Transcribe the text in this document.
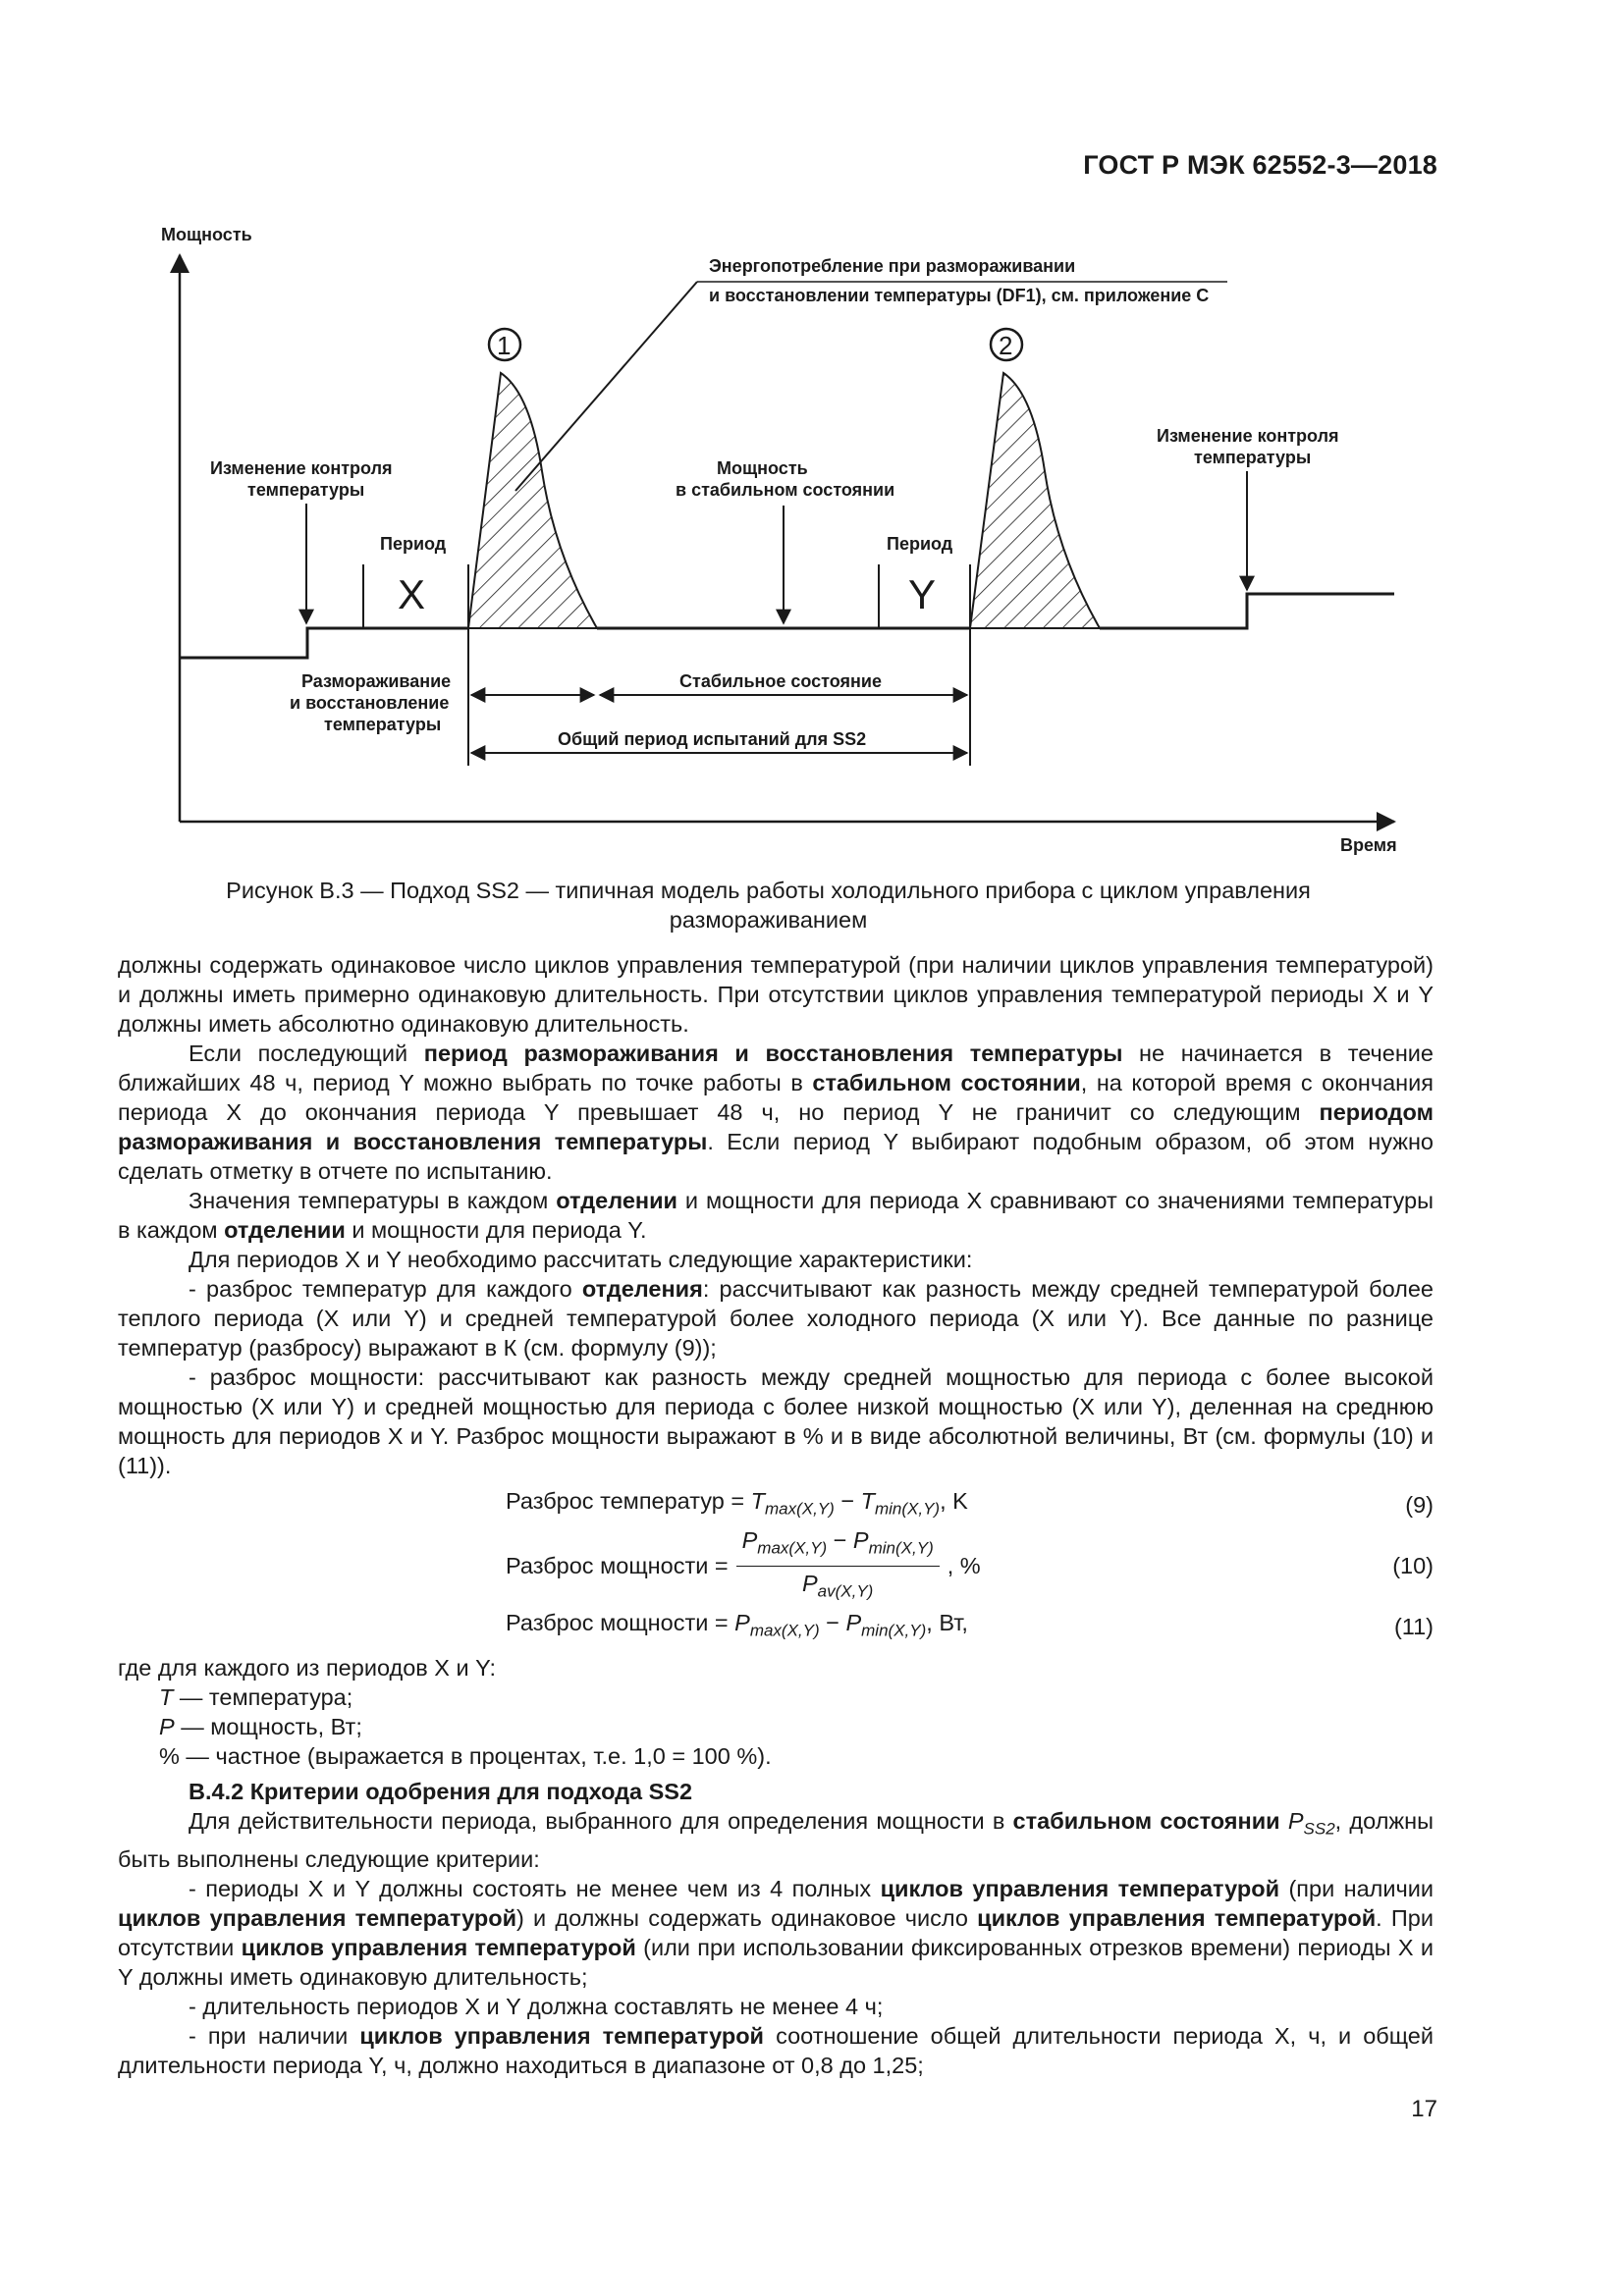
ГОСТ Р МЭК 62552-3—2018
Мощность
Время
Период
X
Период
Y
1	2
Энергопотребление при размораживании
и восстановлении температуры (DF1), см. приложение C
Изменение контроля
температуры
Мощность
в стабильном состоянии
Изменение контроля
температуры
Размораживание
и восстановление
температуры
Стабильное состояние
Общий период испытаний для SS2
Рисунок B.3 — Подход SS2 — типичная модель работы холодильного прибора с циклом управления
размораживанием

должны содержать одинаковое число циклов управления температурой (при наличии циклов управления температурой) и должны иметь примерно одинаковую длительность. При отсутствии циклов управления температурой периоды X и Y должны иметь абсолютно одинаковую длительность.

Если последующий период размораживания и восстановления температуры не начинается в течение ближайших 48 ч, период Y можно выбрать по точке работы в стабильном состоянии, на которой время с окончания периода X до окончания периода Y превышает 48 ч, но период Y не граничит со следующим периодом размораживания и восстановления температуры. Если период Y выбирают подобным образом, об этом нужно сделать отметку в отчете по испытанию.

Значения температуры в каждом отделении и мощности для периода X сравнивают со значениями температуры в каждом отделении и мощности для периода Y.

Для периодов X и Y необходимо рассчитать следующие характеристики:

- разброс температур для каждого отделения: рассчитывают как разность между средней температурой более теплого периода (X или Y) и средней температурой более холодного периода (X или Y). Все данные по разнице температур (разбросу) выражают в К (см. формулу (9));

- разброс мощности: рассчитывают как разность между средней мощностью для периода с более высокой мощностью (X или Y) и средней мощностью для периода с более низкой мощностью (X или Y), деленная на среднюю мощность для периодов X и Y. Разброс мощности выражают в % и в виде абсолютной величины, Вт (см. формулы (10) и (11)).

Разброс температур = $T_{max(X,Y)} - T_{min(X,Y)}$, K	(9)
Разброс мощности =
$P_{max(X,Y)} - P_{min(X,Y)}$
$P_{av(X,Y)}$
, %	(10)
Разброс мощности = $P_{max(X,Y)} - P_{min(X,Y)}$, Вт,	(11)

где для каждого из периодов X и Y:

T — температура;

P — мощность, Вт;

% — частное (выражается в процентах, т.е. 1,0 = 100 %).

B.4.2 Критерии одобрения для подхода SS2

Для действительности периода, выбранного для определения мощности в стабильном состоянии $P_{SS2}$, должны быть выполнены следующие критерии:

- периоды X и Y должны состоять не менее чем из 4 полных циклов управления температурой (при наличии циклов управления температурой) и должны содержать одинаковое число циклов управления температурой. При отсутствии циклов управления температурой (или при использовании фиксированных отрезков времени) периоды X и Y должны иметь одинаковую длительность;

- длительность периодов X и Y должна составлять не менее 4 ч;

- при наличии циклов управления температурой соотношение общей длительности периода X, ч, и общей длительности периода Y, ч, должно находиться в диапазоне от 0,8 до 1,25;

17
